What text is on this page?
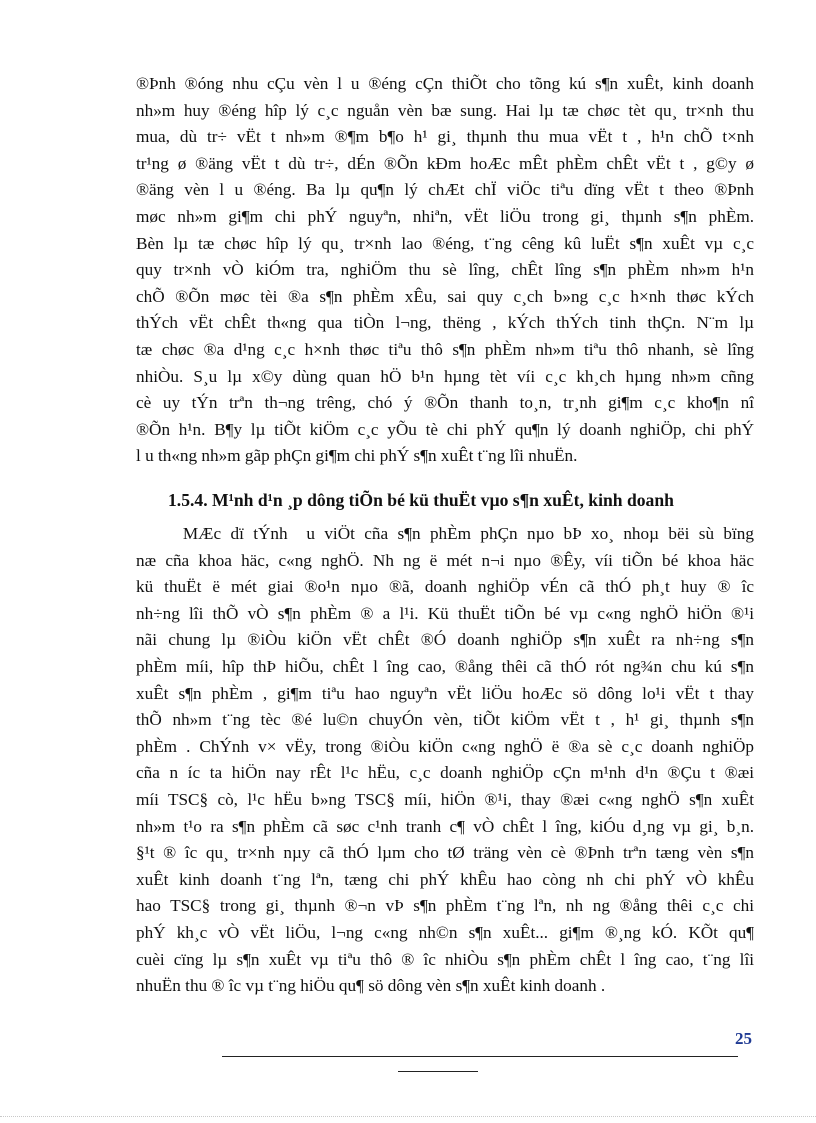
®Þnh ®óng nhu cÇu vèn l u ®éng cÇn thiÕt cho tõng kú s¶n xuÊt, kinh doanh
nh»m huy ®éng hîp lý c¸c nguån vèn bæ sung. Hai lµ tæ chøc tèt qu¸ tr×nh thu
mua, dù tr÷ vËt t nh»m ®¶m b¶o h¹ gi¸ thµnh thu mua vËt t , h¹n chÕ t×nh
tr¹ng ø ®äng vËt t dù tr÷, dÉn ®Õn kÐm hoÆc mÊt phÈm chÊt vËt t , g©y ø
®äng vèn l u ®éng. Ba lµ qu¶n lý chÆt chÏ viÖc tiªu dïng vËt t theo ®Þnh
møc nh»m gi¶m chi phÝ nguyªn, nhiªn, vËt liÖu trong gi¸ thµnh s¶n phÈm.
Bèn lµ tæ chøc hîp lý qu¸ tr×nh lao ®éng, t¨ng cêng kû luËt s¶n xuÊt vµ c¸c
quy tr×nh vÒ kiÓm tra, nghiÖm thu sè lîng, chÊt lîng s¶n phÈm nh»m h¹n
chÕ ®Õn møc tèi ®a s¶n phÈm xÊu, sai quy c¸ch b»ng c¸c h×nh thøc kÝch
thÝch vËt chÊt th«ng qua tiÒn l¬ng, thëng , kÝch thÝch tinh thÇn. N¨m lµ
tæ chøc ®a d¹ng c¸c h×nh thøc tiªu thô s¶n phÈm nh»m tiªu thô nhanh, sè lîng
nhiÒu. S¸u lµ x©y dùng quan hÖ b¹n hµng tèt víi c¸c kh¸ch hµng nh»m cñng
cè uy tÝn trªn th¬ng trêng, chó ý ®Õn thanh to¸n, tr¸nh gi¶m c¸c kho¶n nî
®Õn h¹n. B¶y lµ tiÕt kiÖm c¸c yÕu tè chi phÝ qu¶n lý doanh nghiÖp, chi phÝ
l u th«ng nh»m gãp phÇn gi¶m chi phÝ s¶n xuÊt t¨ng lîi nhuËn.
1.5.4. M¹nh d¹n ¸p dông tiÕn bé kü thuËt vµo s¶n xuÊt, kinh doanh
MÆc dï tÝnh  u viÖt cña s¶n phÈm phÇn nµo bÞ xo¸ nhoµ bëi sù bïng
næ cña khoa häc, c«ng nghÖ. Nh ng ë mét n¬i nµo ®Êy, víi tiÕn bé khoa häc
kü thuËt ë mét giai ®o¹n nµo ®ã, doanh nghiÖp vÉn cã thÓ ph¸t huy ® îc
nh÷ng lîi thÕ vÒ s¶n phÈm ® a l¹i. Kü thuËt tiÕn bé vµ c«ng nghÖ hiÖn ®¹i
nãi chung lµ ®iÒu kiÖn vËt chÊt ®Ó doanh nghiÖp s¶n xuÊt ra nh÷ng s¶n
phÈm míi, hîp thÞ hiÕu, chÊt l îng cao, ®ång thêi cã thÓ rót ng¾n chu kú s¶n
xuÊt s¶n phÈm , gi¶m tiªu hao nguyªn vËt liÖu hoÆc sö dông lo¹i vËt t thay
thÕ nh»m t¨ng tèc ®é lu©n chuyÓn vèn, tiÕt kiÖm vËt t , h¹ gi¸ thµnh s¶n
phÈm . ChÝnh v× vËy, trong ®iÒu kiÖn c«ng nghÖ ë ®a sè c¸c doanh nghiÖp
cña n íc ta hiÖn nay rÊt l¹c hËu, c¸c doanh nghiÖp cÇn m¹nh d¹n ®Çu t ®æi
míi TSC§ cò, l¹c hËu b»ng TSC§ míi, hiÖn ®¹i, thay ®æi c«ng nghÖ s¶n xuÊt
nh»m t¹o ra s¶n phÈm cã søc c¹nh tranh c¶ vÒ chÊt l îng, kiÓu d¸ng vµ gi¸ b¸n.
§¹t ® îc qu¸ tr×nh nµy cã thÓ lµm cho tØ träng vèn cè ®Þnh trªn tæng vèn s¶n
xuÊt kinh doanh t¨ng lªn, tæng chi phÝ khÊu hao còng nh chi phÝ vÒ khÊu
hao TSC§ trong gi¸ thµnh ®¬n vÞ s¶n phÈm t¨ng lªn, nh ng ®ång thêi c¸c chi
phÝ kh¸c vÒ vËt liÖu, l¬ng c«ng nh©n s¶n xuÊt... gi¶m ®¸ng kÓ. KÕt qu¶
cuèi cïng lµ s¶n xuÊt vµ tiªu thô ® îc nhiÒu s¶n phÈm chÊt l îng cao, t¨ng lîi
nhuËn thu ® îc vµ t¨ng hiÖu qu¶ sö dông vèn s¶n xuÊt kinh doanh .
25
